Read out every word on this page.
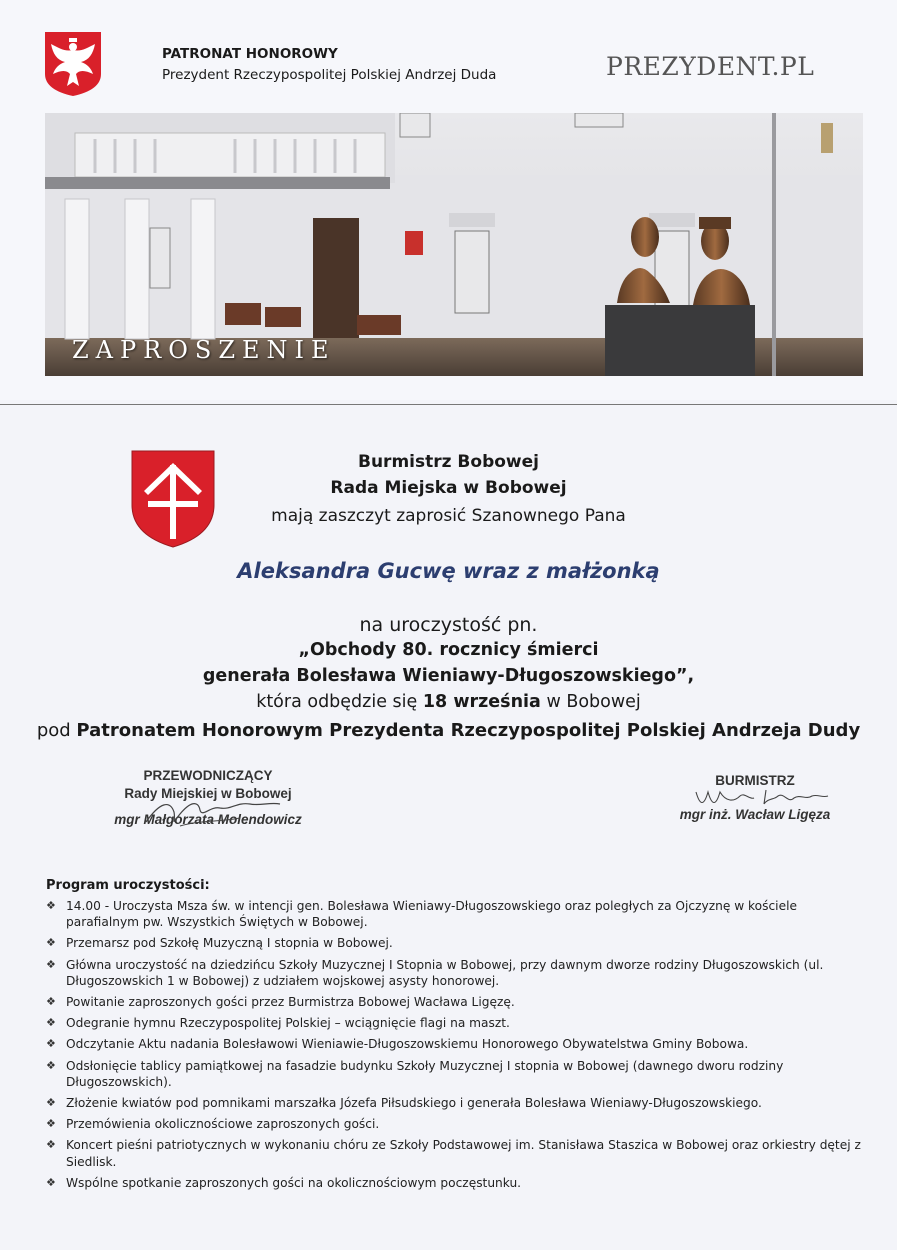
PATRONAT HONOROWY
Prezydent Rzeczypospolitej Polskiej Andrzej Duda	PREZYDENT.PL
ZAPROSZENIE
Burmistrz Bobowej
Rada Miejska w Bobowej
mają zaszczyt zaprosić Szanownego Pana
Aleksandra Gucwę wraz z małżonką
na uroczystość pn.
„Obchody 80. rocznicy śmierci
generała Bolesława Wieniawy-Długoszowskiego”,
która odbędzie się 18 września w Bobowej
pod Patronatem Honorowym Prezydenta Rzeczypospolitej Polskiej Andrzeja Dudy
PRZEWODNICZĄCY
Rady Miejskiej w Bobowej
mgr Małgorzata Molendowicz
BURMISTRZ
mgr inż. Wacław Ligęza
Program uroczystości:
❖ 14.00 - Uroczysta Msza św. w intencji gen. Bolesława Wieniawy-Długoszowskiego oraz poległych za Ojczyznę w kościele parafialnym pw. Wszystkich Świętych w Bobowej.
❖ Przemarsz pod Szkołę Muzyczną I stopnia w Bobowej.
❖ Główna uroczystość na dziedzińcu Szkoły Muzycznej I Stopnia w Bobowej, przy dawnym dworze rodziny Długoszowskich (ul. Długoszowskich 1 w Bobowej) z udziałem wojskowej asysty honorowej.
❖ Powitanie zaproszonych gości przez Burmistrza Bobowej Wacława Ligęzę.
❖ Odegranie hymnu Rzeczypospolitej Polskiej – wciągnięcie flagi na maszt.
❖ Odczytanie Aktu nadania Bolesławowi Wieniawie-Długoszowskiemu Honorowego Obywatelstwa Gminy Bobowa.
❖ Odsłonięcie tablicy pamiątkowej na fasadzie budynku Szkoły Muzycznej I stopnia w Bobowej (dawnego dworu rodziny Długoszowskich).
❖ Złożenie kwiatów pod pomnikami marszałka Józefa Piłsudskiego i generała Bolesława Wieniawy-Długoszowskiego.
❖ Przemówienia okolicznościowe zaproszonych gości.
❖ Koncert pieśni patriotycznych w wykonaniu chóru ze Szkoły Podstawowej im. Stanisława Staszica w Bobowej oraz orkiestry dętej z Siedlisk.
❖ Wspólne spotkanie zaproszonych gości na okolicznościowym poczęstunku.
